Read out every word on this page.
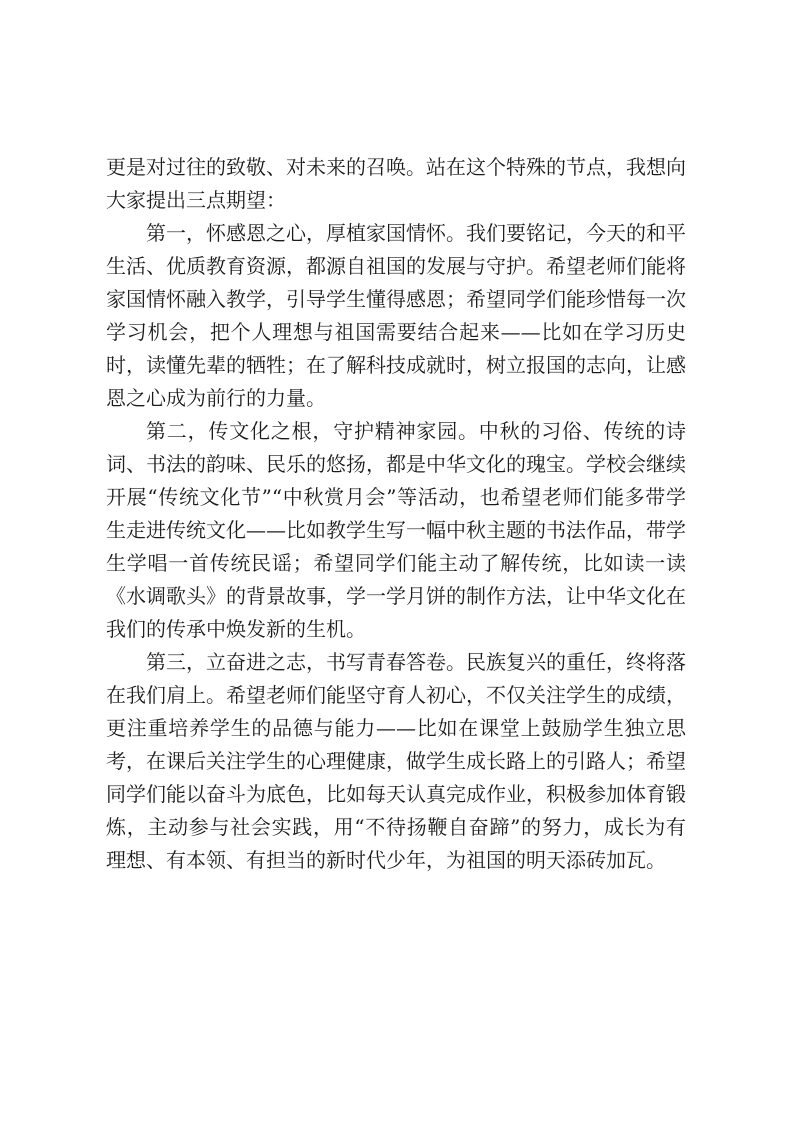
更是对过往的致敬、对未来的召唤。站在这个特殊的节点，我想向大家提出三点期望：

第一，怀感恩之心，厚植家国情怀。我们要铭记，今天的和平生活、优质教育资源，都源自祖国的发展与守护。希望老师们能将家国情怀融入教学，引导学生懂得感恩；希望同学们能珍惜每一次学习机会，把个人理想与祖国需要结合起来——比如在学习历史时，读懂先辈的牺牲；在了解科技成就时，树立报国的志向，让感恩之心成为前行的力量。

第二，传文化之根，守护精神家园。中秋的习俗、传统的诗词、书法的韵味、民乐的悠扬，都是中华文化的瑰宝。学校会继续开展“传统文化节”“中秋赏月会”等活动，也希望老师们能多带学生走进传统文化——比如教学生写一幅中秋主题的书法作品，带学生学唱一首传统民谣；希望同学们能主动了解传统，比如读一读《水调歌头》的背景故事，学一学月饼的制作方法，让中华文化在我们的传承中焕发新的生机。

第三，立奋进之志，书写青春答卷。民族复兴的重任，终将落在我们肩上。希望老师们能坚守育人初心，不仅关注学生的成绩，更注重培养学生的品德与能力——比如在课堂上鼓励学生独立思考，在课后关注学生的心理健康，做学生成长路上的引路人；希望同学们能以奋斗为底色，比如每天认真完成作业，积极参加体育锻炼，主动参与社会实践，用“不待扬鞭自奋蹄”的努力，成长为有理想、有本领、有担当的新时代少年，为祖国的明天添砖加瓦。
